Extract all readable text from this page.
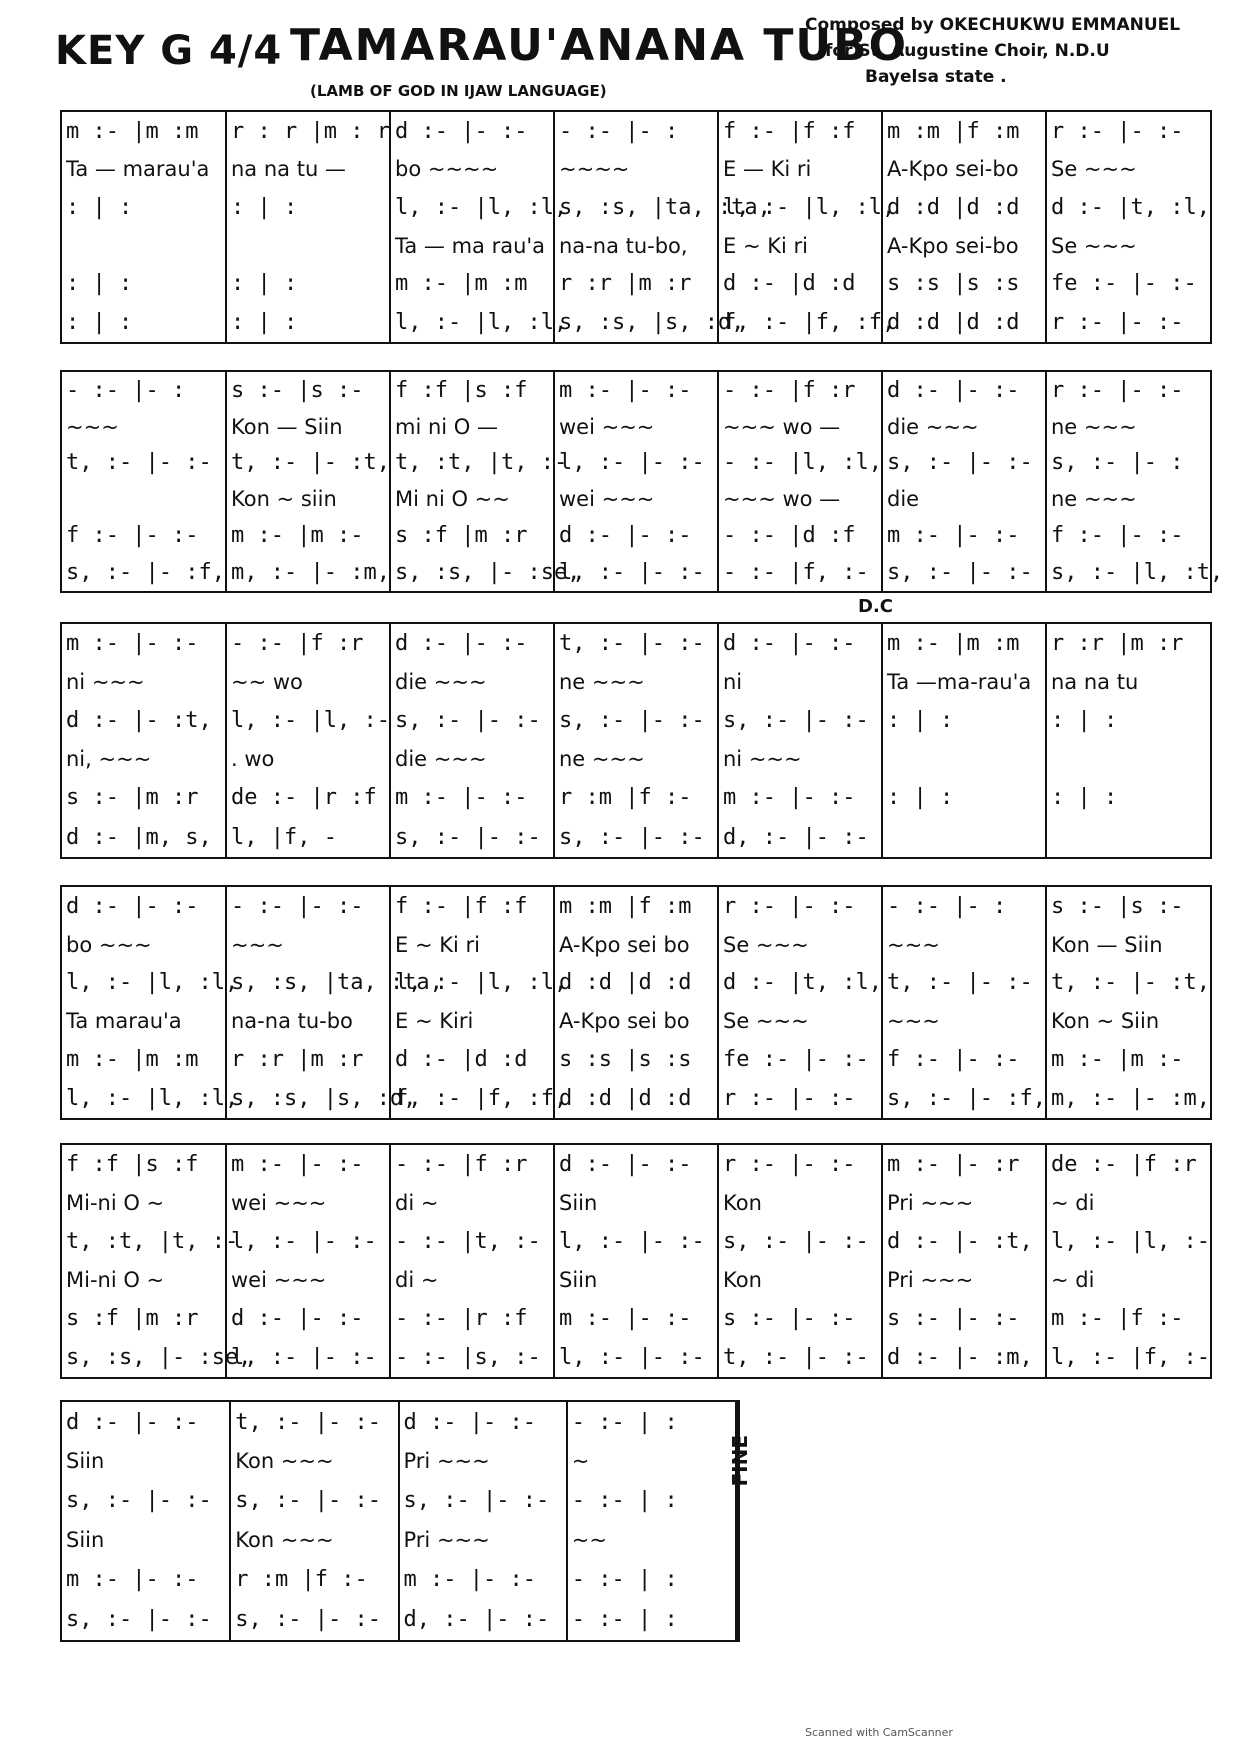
KEY G 4/4 TAMARAU'ANANA TUBO
(LAMB OF GOD IN IJAW LANGUAGE)
Composed by OKECHUKWU EMMANUEL
for St. Augustine Choir, N.D.U
Bayelsa state .
m :- |m :m	r : r |m : r	d :- |- :-	- :- |- :	f :- |f :f	m :m |f :m	r :- |- :-
Ta — marau'a	na na tu —	bo ~~~~	~~~~	E — Ki ri	A-Kpo sei-bo	Se ~~~
: | :	: | :	l, :- |l, :l,	s, :s, |ta, :ta,	l, :- |l, :l,	d :d |d :d	d :- |t, :l,
		Ta — ma rau'a	na-na tu-bo,	E ~ Ki ri	A-Kpo sei-bo	Se ~~~
: | :	: | :	m :- |m :m	r :r |m :r	d :- |d :d	s :s |s :s	fe :- |- :-
: | :	: | :	l, :- |l, :l,	s, :s, |s, :d,	f, :- |f, :f,	d :d |d :d	r :- |- :-
- :- |- :	s :- |s :-	f :f |s :f	m :- |- :-	- :- |f :r	d :- |- :-	r :- |- :-
~~~	Kon — Siin	mi ni O —	wei ~~~	~~~ wo —	die ~~~	ne ~~~
t, :- |- :-	t, :- |- :t,	t, :t, |t, :-	l, :- |- :-	- :- |l, :l,	s, :- |- :-	s, :- |- :
	Kon ~ siin	Mi ni O ~~	wei ~~~	~~~ wo —	die	ne ~~~
f :- |- :-	m :- |m :-	s :f |m :r	d :- |- :-	- :- |d :f	m :- |- :-	f :- |- :-
s, :- |- :f,	m, :- |- :m,	s, :s, |- :se,	l, :- |- :-	- :- |f, :-	s, :- |- :-	s, :- |l, :t,
D.C
m :- |- :-	- :- |f :r	d :- |- :-	t, :- |- :-	d :- |- :-	m :- |m :m	r :r |m :r
ni ~~~	~~ wo	die ~~~	ne ~~~	ni	Ta —ma-rau'a	na na tu
d :- |- :t,	l, :- |l, :-	s, :- |- :-	s, :- |- :-	s, :- |- :-	: | :	: | :
ni, ~~~	. wo	die ~~~	ne ~~~	ni ~~~		
s :- |m :r	de :- |r :f	m :- |- :-	r :m |f :-	m :- |- :-	: | :	: | :
d :- |m, s,	l, |f, -	s, :- |- :-	s, :- |- :-	d, :- |- :-		
d :- |- :-	- :- |- :-	f :- |f :f	m :m |f :m	r :- |- :-	- :- |- :	s :- |s :-
bo ~~~	~~~	E ~ Ki ri	A-Kpo sei bo	Se ~~~	~~~	Kon — Siin
l, :- |l, :l,	s, :s, |ta, :ta,	l, :- |l, :l,	d :d |d :d	d :- |t, :l,	t, :- |- :-	t, :- |- :t,
Ta marau'a	na-na tu-bo	E ~ Kiri	A-Kpo sei bo	Se ~~~	~~~	Kon ~ Siin
m :- |m :m	r :r |m :r	d :- |d :d	s :s |s :s	fe :- |- :-	f :- |- :-	m :- |m :-
l, :- |l, :l,	s, :s, |s, :d,	f, :- |f, :f,	d :d |d :d	r :- |- :-	s, :- |- :f,	m, :- |- :m,
f :f |s :f	m :- |- :-	- :- |f :r	d :- |- :-	r :- |- :-	m :- |- :r	de :- |f :r
Mi-ni O ~	wei ~~~	di ~	Siin	Kon	Pri ~~~	~ di
t, :t, |t, :-	l, :- |- :-	- :- |t, :-	l, :- |- :-	s, :- |- :-	d :- |- :t,	l, :- |l, :-
Mi-ni O ~	wei ~~~	di ~	Siin	Kon	Pri ~~~	~ di
s :f |m :r	d :- |- :-	- :- |r :f	m :- |- :-	s :- |- :-	s :- |- :-	m :- |f :-
s, :s, |- :se,	l, :- |- :-	- :- |s, :-	l, :- |- :-	t, :- |- :-	d :- |- :m,	l, :- |f, :-
d :- |- :-	t, :- |- :-	d :- |- :-	- :- | :
Siin	Kon ~~~	Pri ~~~	~
s, :- |- :-	s, :- |- :-	s, :- |- :-	- :- | :
Siin	Kon ~~~	Pri ~~~	~~
m :- |- :-	r :m |f :-	m :- |- :-	- :- | :
s, :- |- :-	s, :- |- :-	d, :- |- :-	- :- | :
FINE
Scanned with CamScanner
